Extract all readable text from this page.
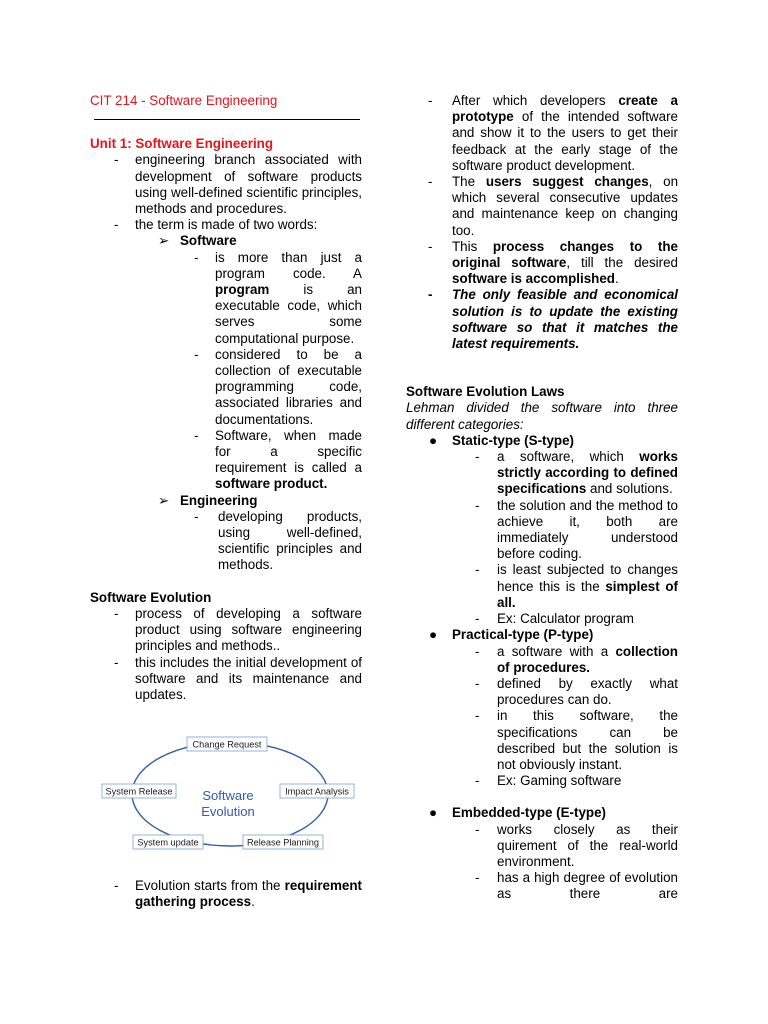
CIT 214 - Software Engineering
Unit 1: Software Engineering
- engineering branch associated with development of software products using well-defined scientific principles, methods and procedures.
- the term is made of two words:
➢ Software
- is more than just a program code. A program is an executable code, which serves some computational purpose.
- considered to be a collection of executable programming code, associated libraries and documentations.
- Software, when made for a specific requirement is called a software product.
➢ Engineering
- developing products, using well-defined, scientific principles and methods.
Software Evolution
- process of developing a software product using software engineering principles and methods..
- this includes the initial development of software and its maintenance and updates.
Software
Evolution
Change Request
Impact Analysis
Release Planning
System update
System Release
- Evolution starts from the requirement gathering process.
- After which developers create a prototype of the intended software and show it to the users to get their feedback at the early stage of the software product development.
- The users suggest changes, on which several consecutive updates and maintenance keep on changing too.
- This process changes to the original software, till the desired software is accomplished.
- The only feasible and economical solution is to update the existing software so that it matches the latest requirements.
Software Evolution Laws
Lehman divided the software into three different categories:
● Static-type (S-type)
- a software, which works strictly according to defined specifications and solutions.
- the solution and the method to achieve it, both are immediately understood before coding.
- is least subjected to changes hence this is the simplest of all.
- Ex: Calculator program
● Practical-type (P-type)
- a software with a collection of procedures.
- defined by exactly what procedures can do.
- in this software, the specifications can be described but the solution is not obviously instant.
- Ex: Gaming software
● Embedded-type (E-type)
- works closely as their quirement of the real-world environment.
- has a high degree of evolution as there are
